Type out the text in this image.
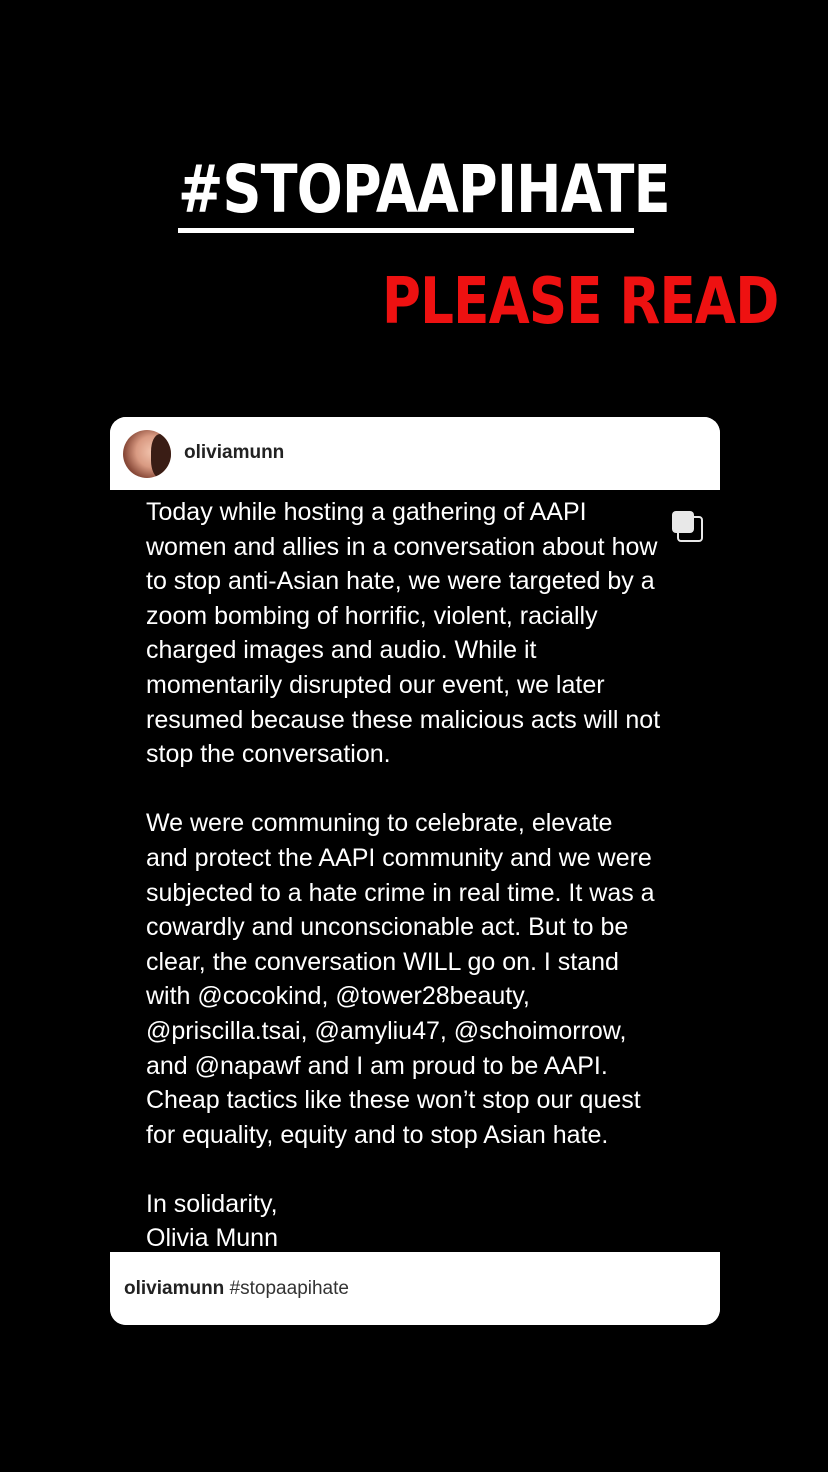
#STOPAAPIHATE
PLEASE READ
oliviamunn
Today while hosting a gathering of AAPI
women and allies in a conversation about how
to stop anti-Asian hate, we were targeted by a
zoom bombing of horrific, violent, racially
charged images and audio. While it
momentarily disrupted our event, we later
resumed because these malicious acts will not
stop the conversation.

We were communing to celebrate, elevate
and protect the AAPI community and we were
subjected to a hate crime in real time. It was a
cowardly and unconscionable act. But to be
clear, the conversation WILL go on. I stand
with @cocokind, @tower28beauty,
@priscilla.tsai, @amyliu47, @schoimorrow,
and @napawf and I am proud to be AAPI.
Cheap tactics like these won’t stop our quest
for equality, equity and to stop Asian hate.

In solidarity,
Olivia Munn
oliviamunn #stopaapihate
